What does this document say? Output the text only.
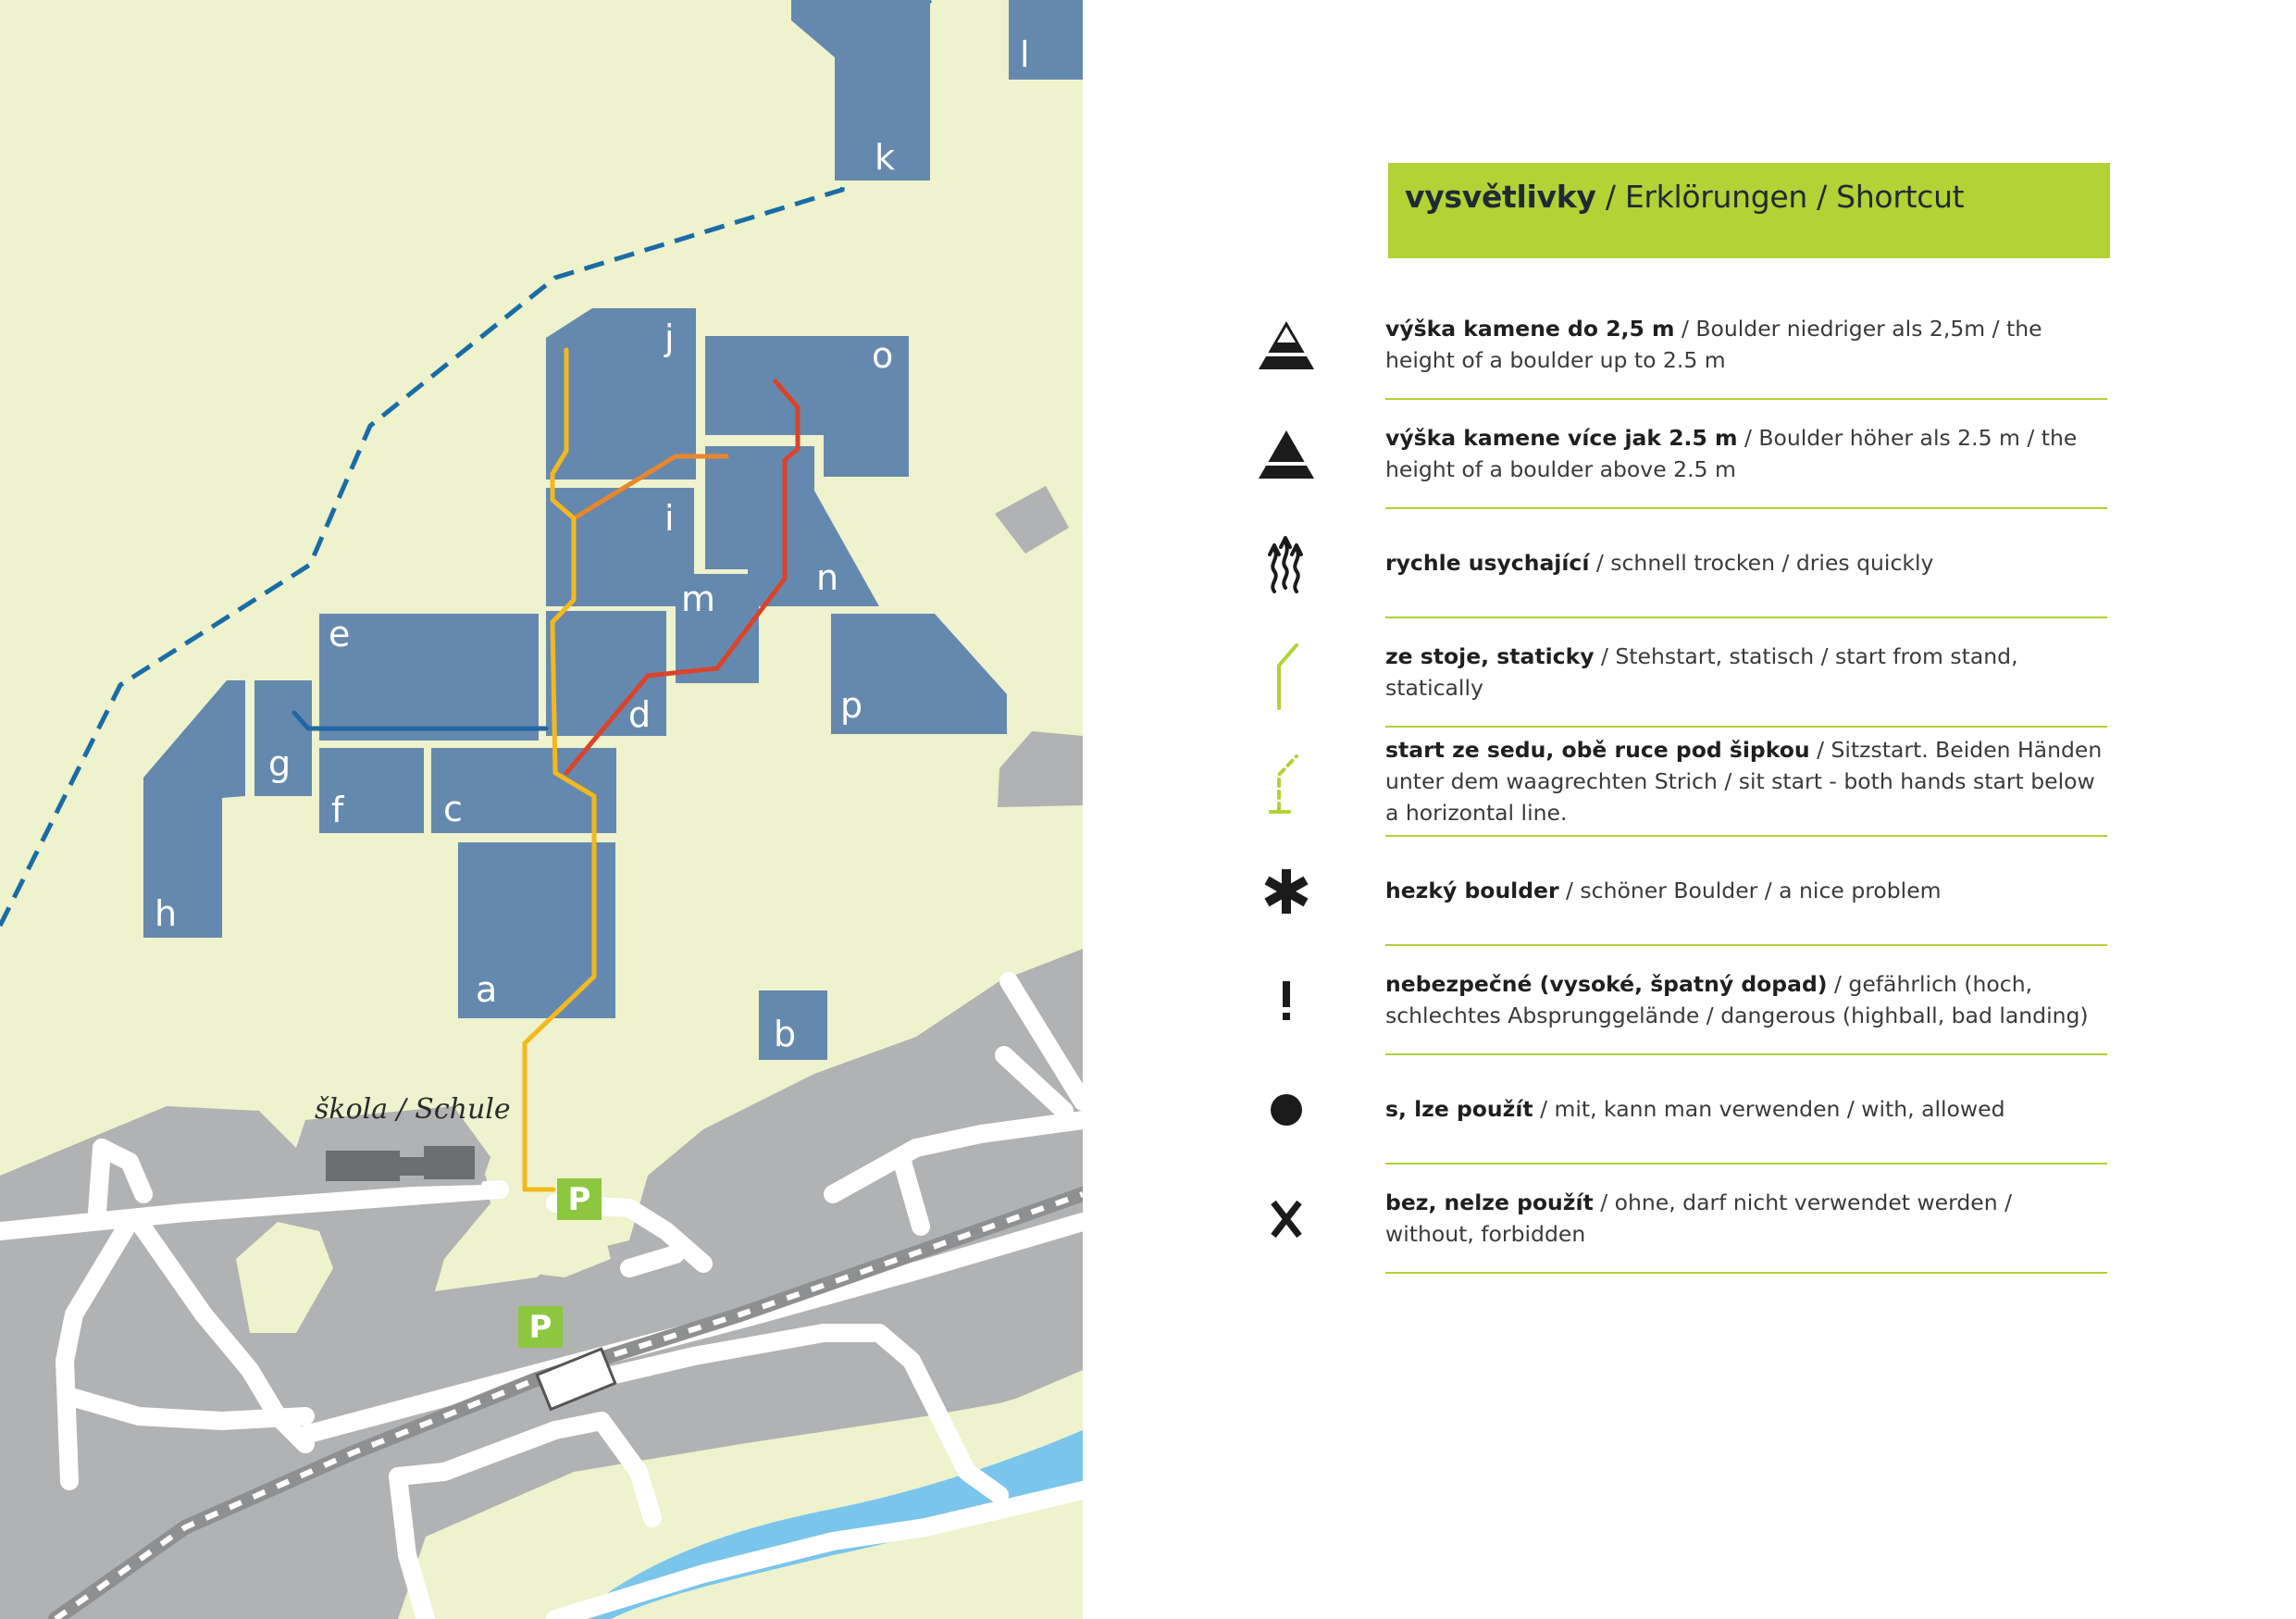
škola / Schule
P
P
a
b
c
d
e
f
g
h
i
j
k
l
m
n
o
p
vysvětlivky / Erklörungen / Shortcut
výška kamene do 2,5 m / Boulder niedriger als 2,5m / the height of a boulder up to 2.5 m
výška kamene více jak 2.5 m / Boulder höher als 2.5 m / the height of a boulder above 2.5 m
rychle usychající / schnell trocken / dries quickly
ze stoje, staticky / Stehstart, statisch / start from stand, statically
start ze sedu, obě ruce pod šipkou / Sitzstart. Beiden Händen unter dem waagrechten Strich / sit start - both hands start below a horizontal line.
hezký boulder / schöner Boulder / a nice problem
nebezpečné (vysoké, špatný dopad) / gefährlich (hoch, schlechtes Absprunggelände / dangerous (highball, bad landing)
s, lze použít / mit, kann man verwenden / with, allowed
bez, nelze použít / ohne, darf nicht verwendet werden / without, forbidden
